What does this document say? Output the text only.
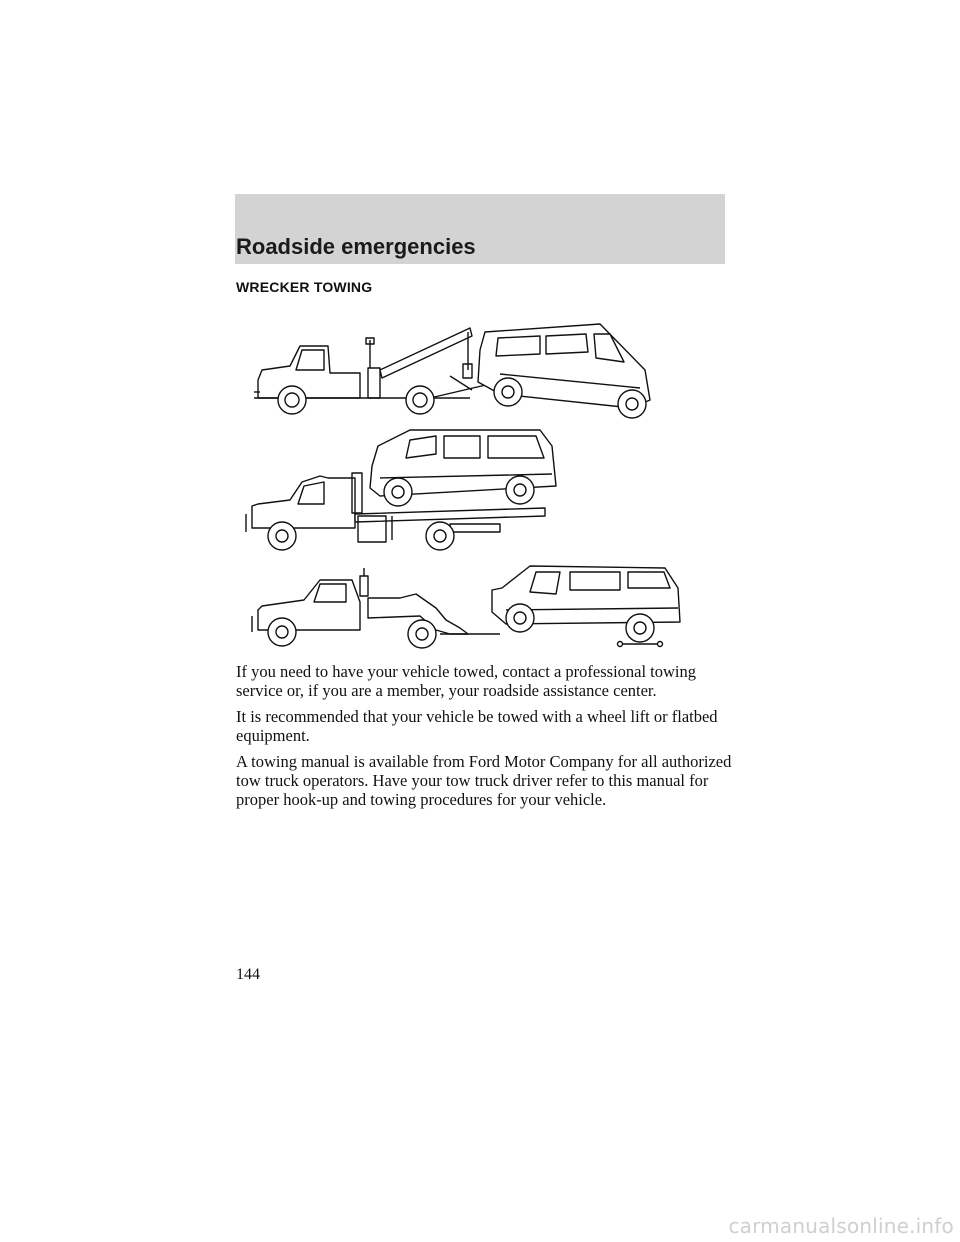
Roadside emergencies
WRECKER TOWING

If you need to have your vehicle towed, contact a professional towing service or, if you are a member, your roadside assistance center.

It is recommended that your vehicle be towed with a wheel lift or flatbed equipment.

A towing manual is available from Ford Motor Company for all authorized tow truck operators. Have your tow truck driver refer to this manual for proper hook-up and towing procedures for your vehicle.

144
carmanualsonline.info
